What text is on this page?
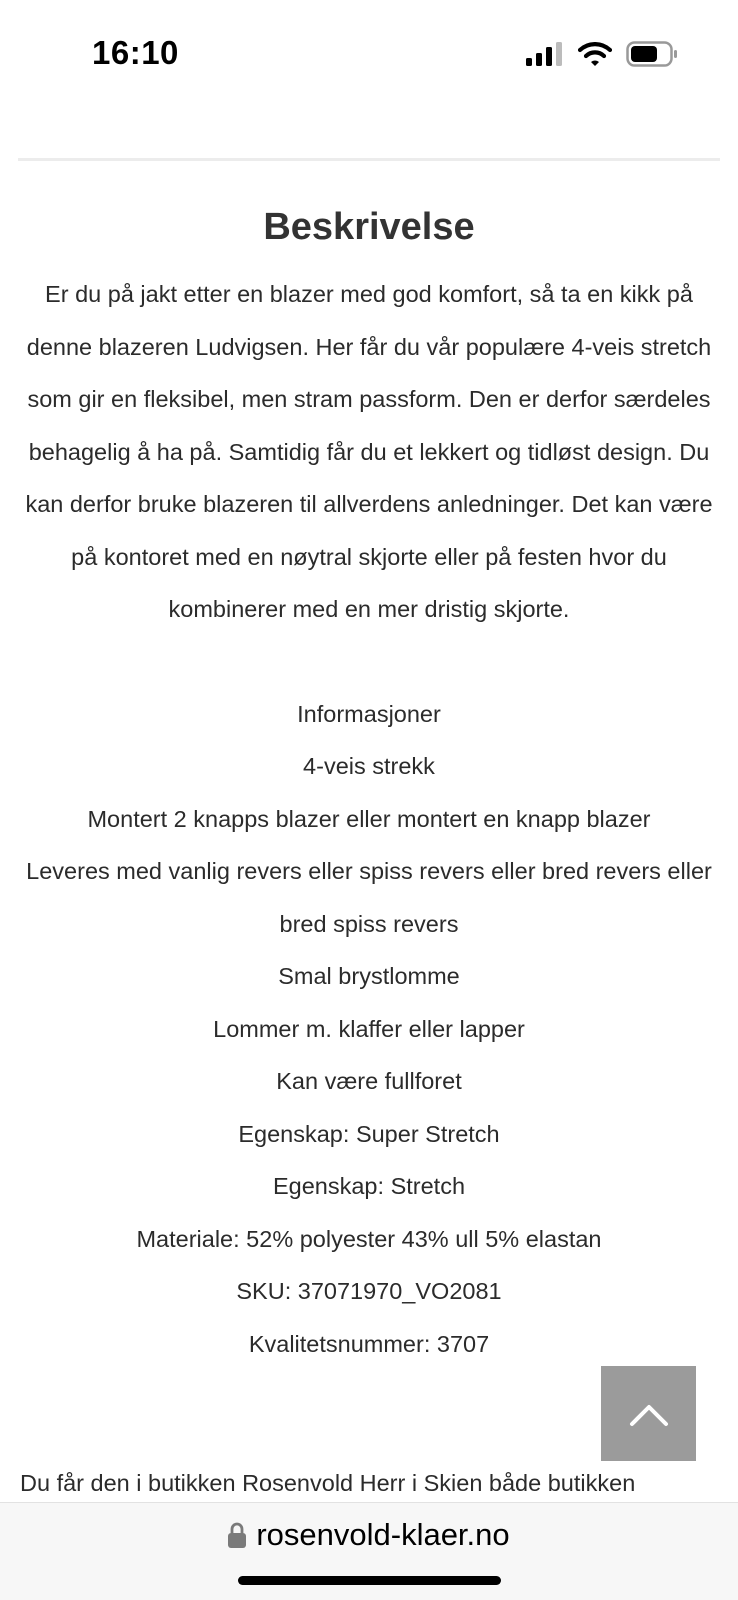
16:10
Beskrivelse

Er du på jakt etter en blazer med god komfort, så ta en kikk på denne blazeren Ludvigsen. Her får du vår populære 4-veis stretch som gir en fleksibel, men stram passform. Den er derfor særdeles behagelig å ha på. Samtidig får du et lekkert og tidløst design. Du kan derfor bruke blazeren til allverdens anledninger. Det kan være på kontoret med en nøytral skjorte eller på festen hvor du kombinerer med en mer dristig skjorte.

Informasjoner
4-veis strekk
Montert 2 knapps blazer eller montert en knapp blazer
Leveres med vanlig revers eller spiss revers eller bred revers eller bred spiss revers
Smal brystlomme
Lommer m. klaffer eller lapper
Kan være fullforet
Egenskap: Super Stretch
Egenskap: Stretch
Materiale: 52% polyester 43% ull 5% elastan
SKU: 37071970_VO2081
Kvalitetsnummer: 3707
Du får den i butikken Rosenvold Herr i Skien både butikken
rosenvold-klaer.no
